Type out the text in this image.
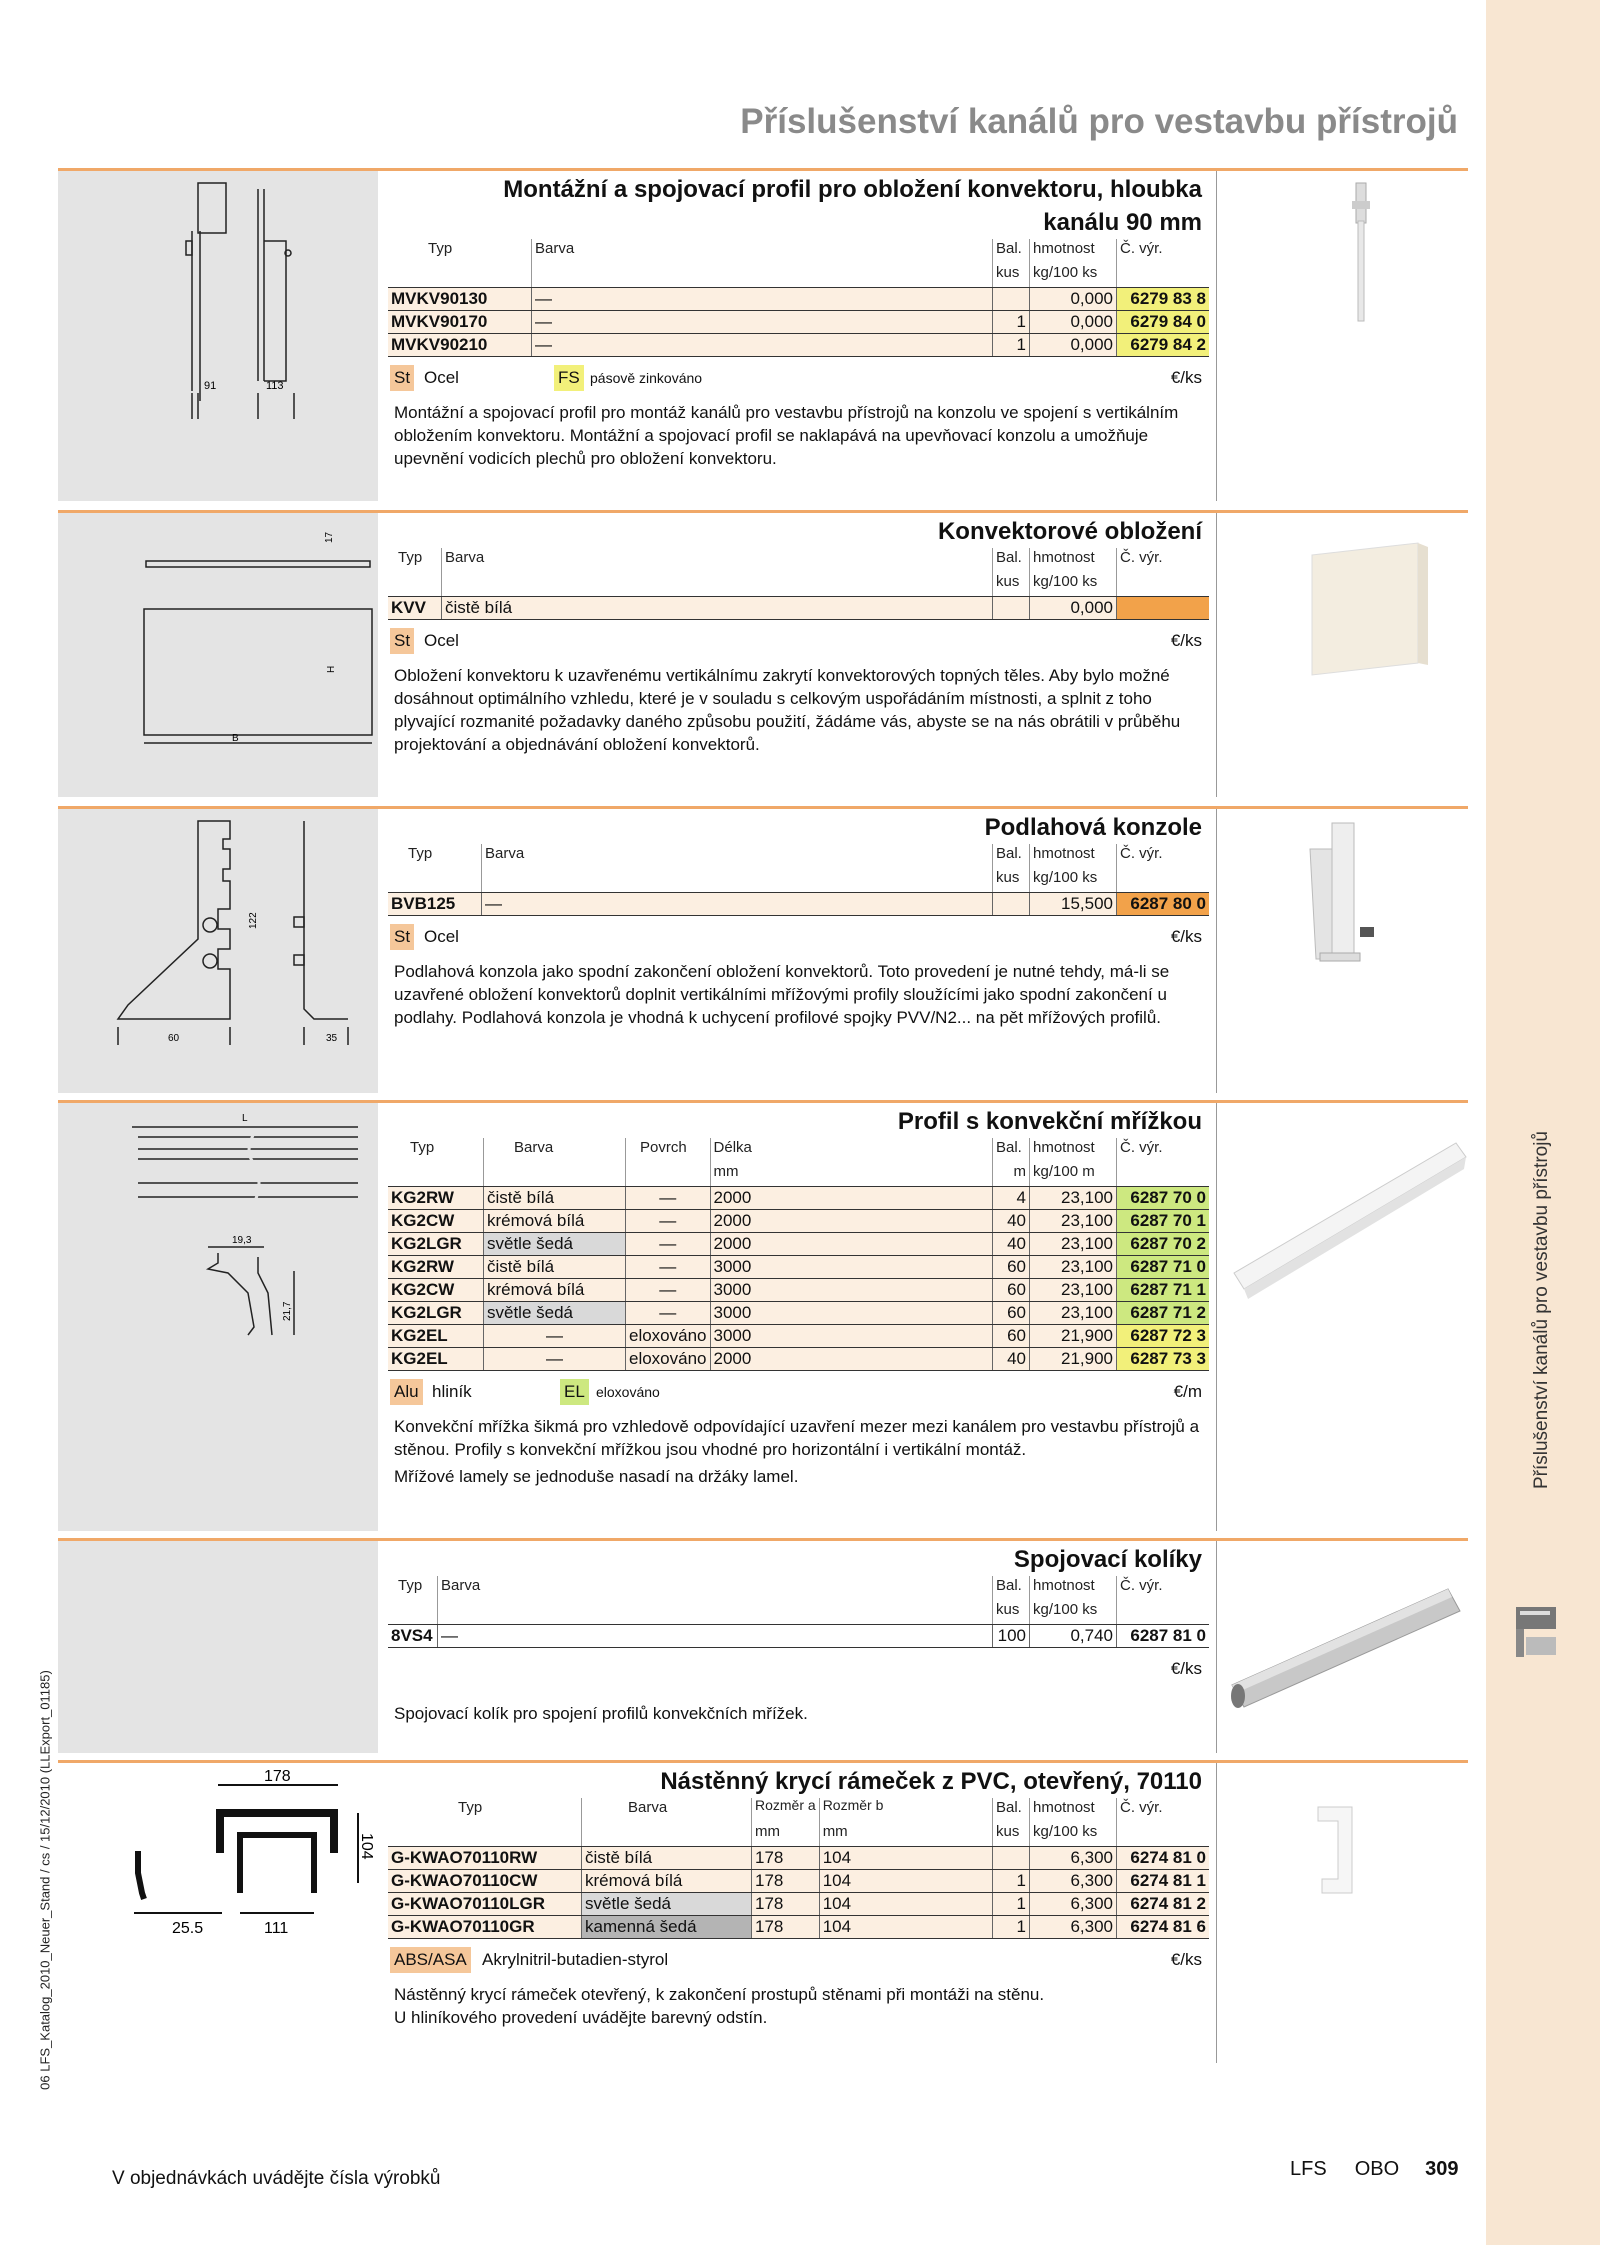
Příslušenství kanálů pro vestavbu přístrojů
06 LFS_Katalog_2010_Neuer_Stand / cs / 15/12/2010 (LLExport_01185)
Příslušenství kanálů pro vestavbu přístrojů
91	113
Montážní a spojovací profil pro obložení konvektoru, hloubka
kanálu 90 mm
Typ	Barva	Bal.	hmotnost	Č. výr.
		kus	kg/100 ks	
MVKV90130	—		0,000	6279 83 8
MVKV90170	—	1	0,000	6279 84 0
MVKV90210	—	1	0,000	6279 84 2
St Ocel	FS pásově zinkováno	€/ks
Montážní a spojovací profil pro montáž kanálů pro vestavbu přístrojů na konzolu ve spojení s vertikálním obložením konvektoru. Montážní a spojovací profil se naklapává na upevňovací konzolu a umožňuje upevnění vodicích plechů pro obložení konvektoru.
17
H
B
Konvektorové obložení
Typ	Barva	Bal.	hmotnost	Č. výr.
		kus	kg/100 ks	
KVV	čistě bílá		0,000	
St Ocel	€/ks
Obložení konvektoru k uzavřenému vertikálnímu zakrytí konvektorových topných těles. Aby bylo možné dosáhnout optimálního vzhledu, které je v souladu s celkovým uspořádáním místnosti, a splnit z toho plyvající rozmanité požadavky daného způsobu použití, žádáme vás, abyste se na nás obrátili v průběhu projektování a objednávání obložení konvektorů.
122
60	35
Podlahová konzole
Typ	Barva	Bal.	hmotnost	Č. výr.
		kus	kg/100 ks	
BVB125	—		15,500	6287 80 0
St Ocel	€/ks
Podlahová konzola jako spodní zakončení obložení konvektorů. Toto provedení je nutné tehdy, má-li se uzavřené obložení konvektorů doplnit vertikálními mřížovými profily sloužícími jako spodní zakončení u podlahy. Podlahová konzola je vhodná k uchycení profilové spojky PVV/N2... na pět mřížových profilů.
L
19,3
21,7
Profil s konvekční mřížkou
Typ	Barva	Povrch	Délka	Bal.	hmotnost	Č. výr.
			mm	m	kg/100 m	
KG2RW	čistě bílá	—	2000	4	23,100	6287 70 0
KG2CW	krémová bílá	—	2000	40	23,100	6287 70 1
KG2LGR	světle šedá	—	2000	40	23,100	6287 70 2
KG2RW	čistě bílá	—	3000	60	23,100	6287 71 0
KG2CW	krémová bílá	—	3000	60	23,100	6287 71 1
KG2LGR	světle šedá	—	3000	60	23,100	6287 71 2
KG2EL	—	eloxováno	3000	60	21,900	6287 72 3
KG2EL	—	eloxováno	2000	40	21,900	6287 73 3
Alu hliník	EL eloxováno	€/m
Konvekční mřížka šikmá pro vzhledově odpovídající uzavření mezer mezi kanálem pro vestavbu přístrojů a stěnou. Profily s konvekční mřížkou jsou vhodné pro horizontální i vertikální montáž.
Mřížové lamely se jednoduše nasadí na držáky lamel.
Spojovací kolíky
Typ	Barva	Bal.	hmotnost	Č. výr.
		kus	kg/100 ks	
8VS4	—	100	0,740	6287 81 0
€/ks
Spojovací kolík pro spojení profilů konvekčních mřížek.
178
104
25.5	111
Nástěnný krycí rámeček z PVC, otevřený, 70110
Typ	Barva	Rozměr a	Rozměr b	Bal.	hmotnost	Č. výr.
		mm	mm	kus	kg/100 ks	
G-KWAO70110RW	čistě bílá	178	104		6,300	6274 81 0
G-KWAO70110CW	krémová bílá	178	104	1	6,300	6274 81 1
G-KWAO70110LGR	světle šedá	178	104	1	6,300	6274 81 2
G-KWAO70110GR	kamenná šedá	178	104	1	6,300	6274 81 6
ABS/ASA Akrylnitril-butadien-styrol	€/ks
Nástěnný krycí rámeček otevřený, k zakončení prostupů stěnami při montáži na stěnu.
U hliníkového provedení uvádějte barevný odstín.
V objednávkách uvádějte čísla výrobků	LFS OBO 309
